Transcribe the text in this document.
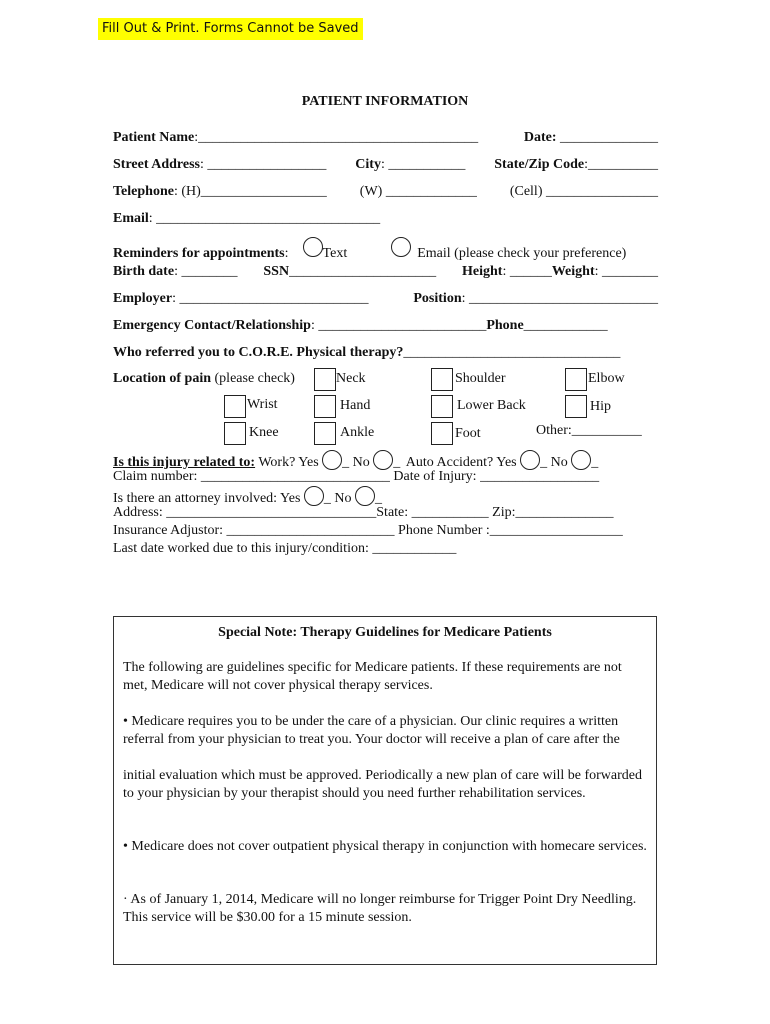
Fill Out & Print. Forms Cannot be Saved
PATIENT INFORMATION
Patient Name:________________________________________	Date: ______________
Street Address: _________________ City: ___________ State/Zip Code:__________
Telephone: (H)__________________ (W) _____________ (Cell) ________________
Email : ________________________________
Reminders for appointments : Text	Email (please check your preference)
Birth date: ________ SSN_____________________ Height: ______Weight: ________
Employer: ___________________________	Position: ___________________________
Emergency Contact/Relationship : ________________________ Phone ____________
Who referred you to C.O.R.E. Physical therapy? _______________________________
Location of pain (please check)	Neck	Shoulder	Elbow
Wrist	Hand	Lower Back	Hip
Knee	Ankle	Foot	Other:__________
Is this injury related to: Work? Yes _ No _ Auto Accident? Yes _ No _
Claim number: ___________________________ Date of Injury: _________________
Is there an attorney involved: Yes _ No _
Address: ______________________________State: ___________ Zip:______________
Insurance Adjustor: ________________________ Phone Number :___________________
Last date worked due to this injury/condition: ____________
Special Note: Therapy Guidelines for Medicare Patients

The following are guidelines specific for Medicare patients. If these requirements are not met, Medicare will not cover physical therapy services.

• Medicare requires you to be under the care of a physician. Our clinic requires a written referral from your physician to treat you. Your doctor will receive a plan of care after the

initial evaluation which must be approved. Periodically a new plan of care will be forwarded to your physician by your therapist should you need further rehabilitation services.

• Medicare does not cover outpatient physical therapy in conjunction with homecare services.

· As of January 1, 2014, Medicare will no longer reimburse for Trigger Point Dry Needling. This service will be $30.00 for a 15 minute session.
